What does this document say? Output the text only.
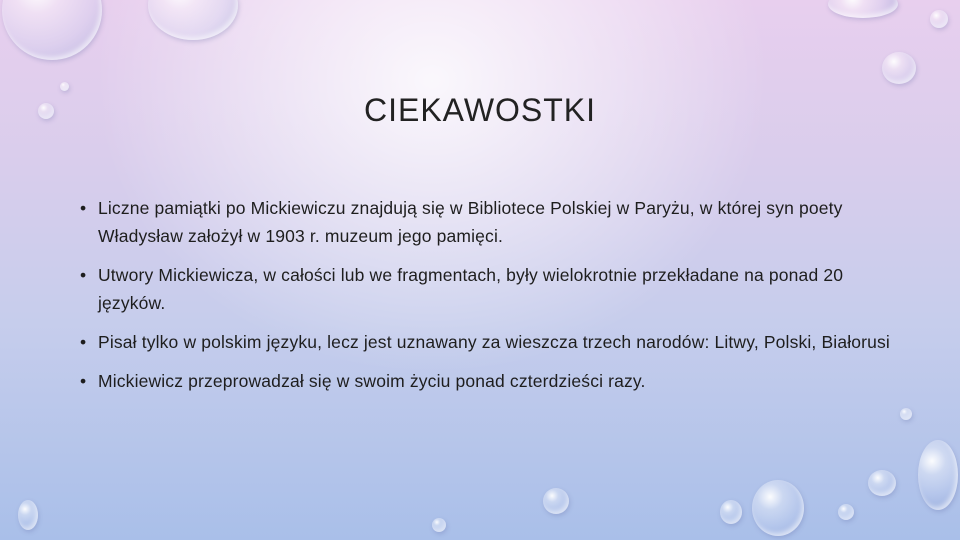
CIEKAWOSTKI
• Liczne pamiątki po Mickiewiczu znajdują się w Bibliotece Polskiej w Paryżu, w której syn poety Władysław założył w 1903 r. muzeum jego pamięci.
• Utwory Mickiewicza, w całości lub we fragmentach, były wielokrotnie przekładane na ponad 20 języków.
• Pisał tylko w polskim języku, lecz jest uznawany za wieszcza trzech narodów: Litwy, Polski, Białorusi
• Mickiewicz przeprowadzał się w swoim życiu ponad czterdzieści razy.
